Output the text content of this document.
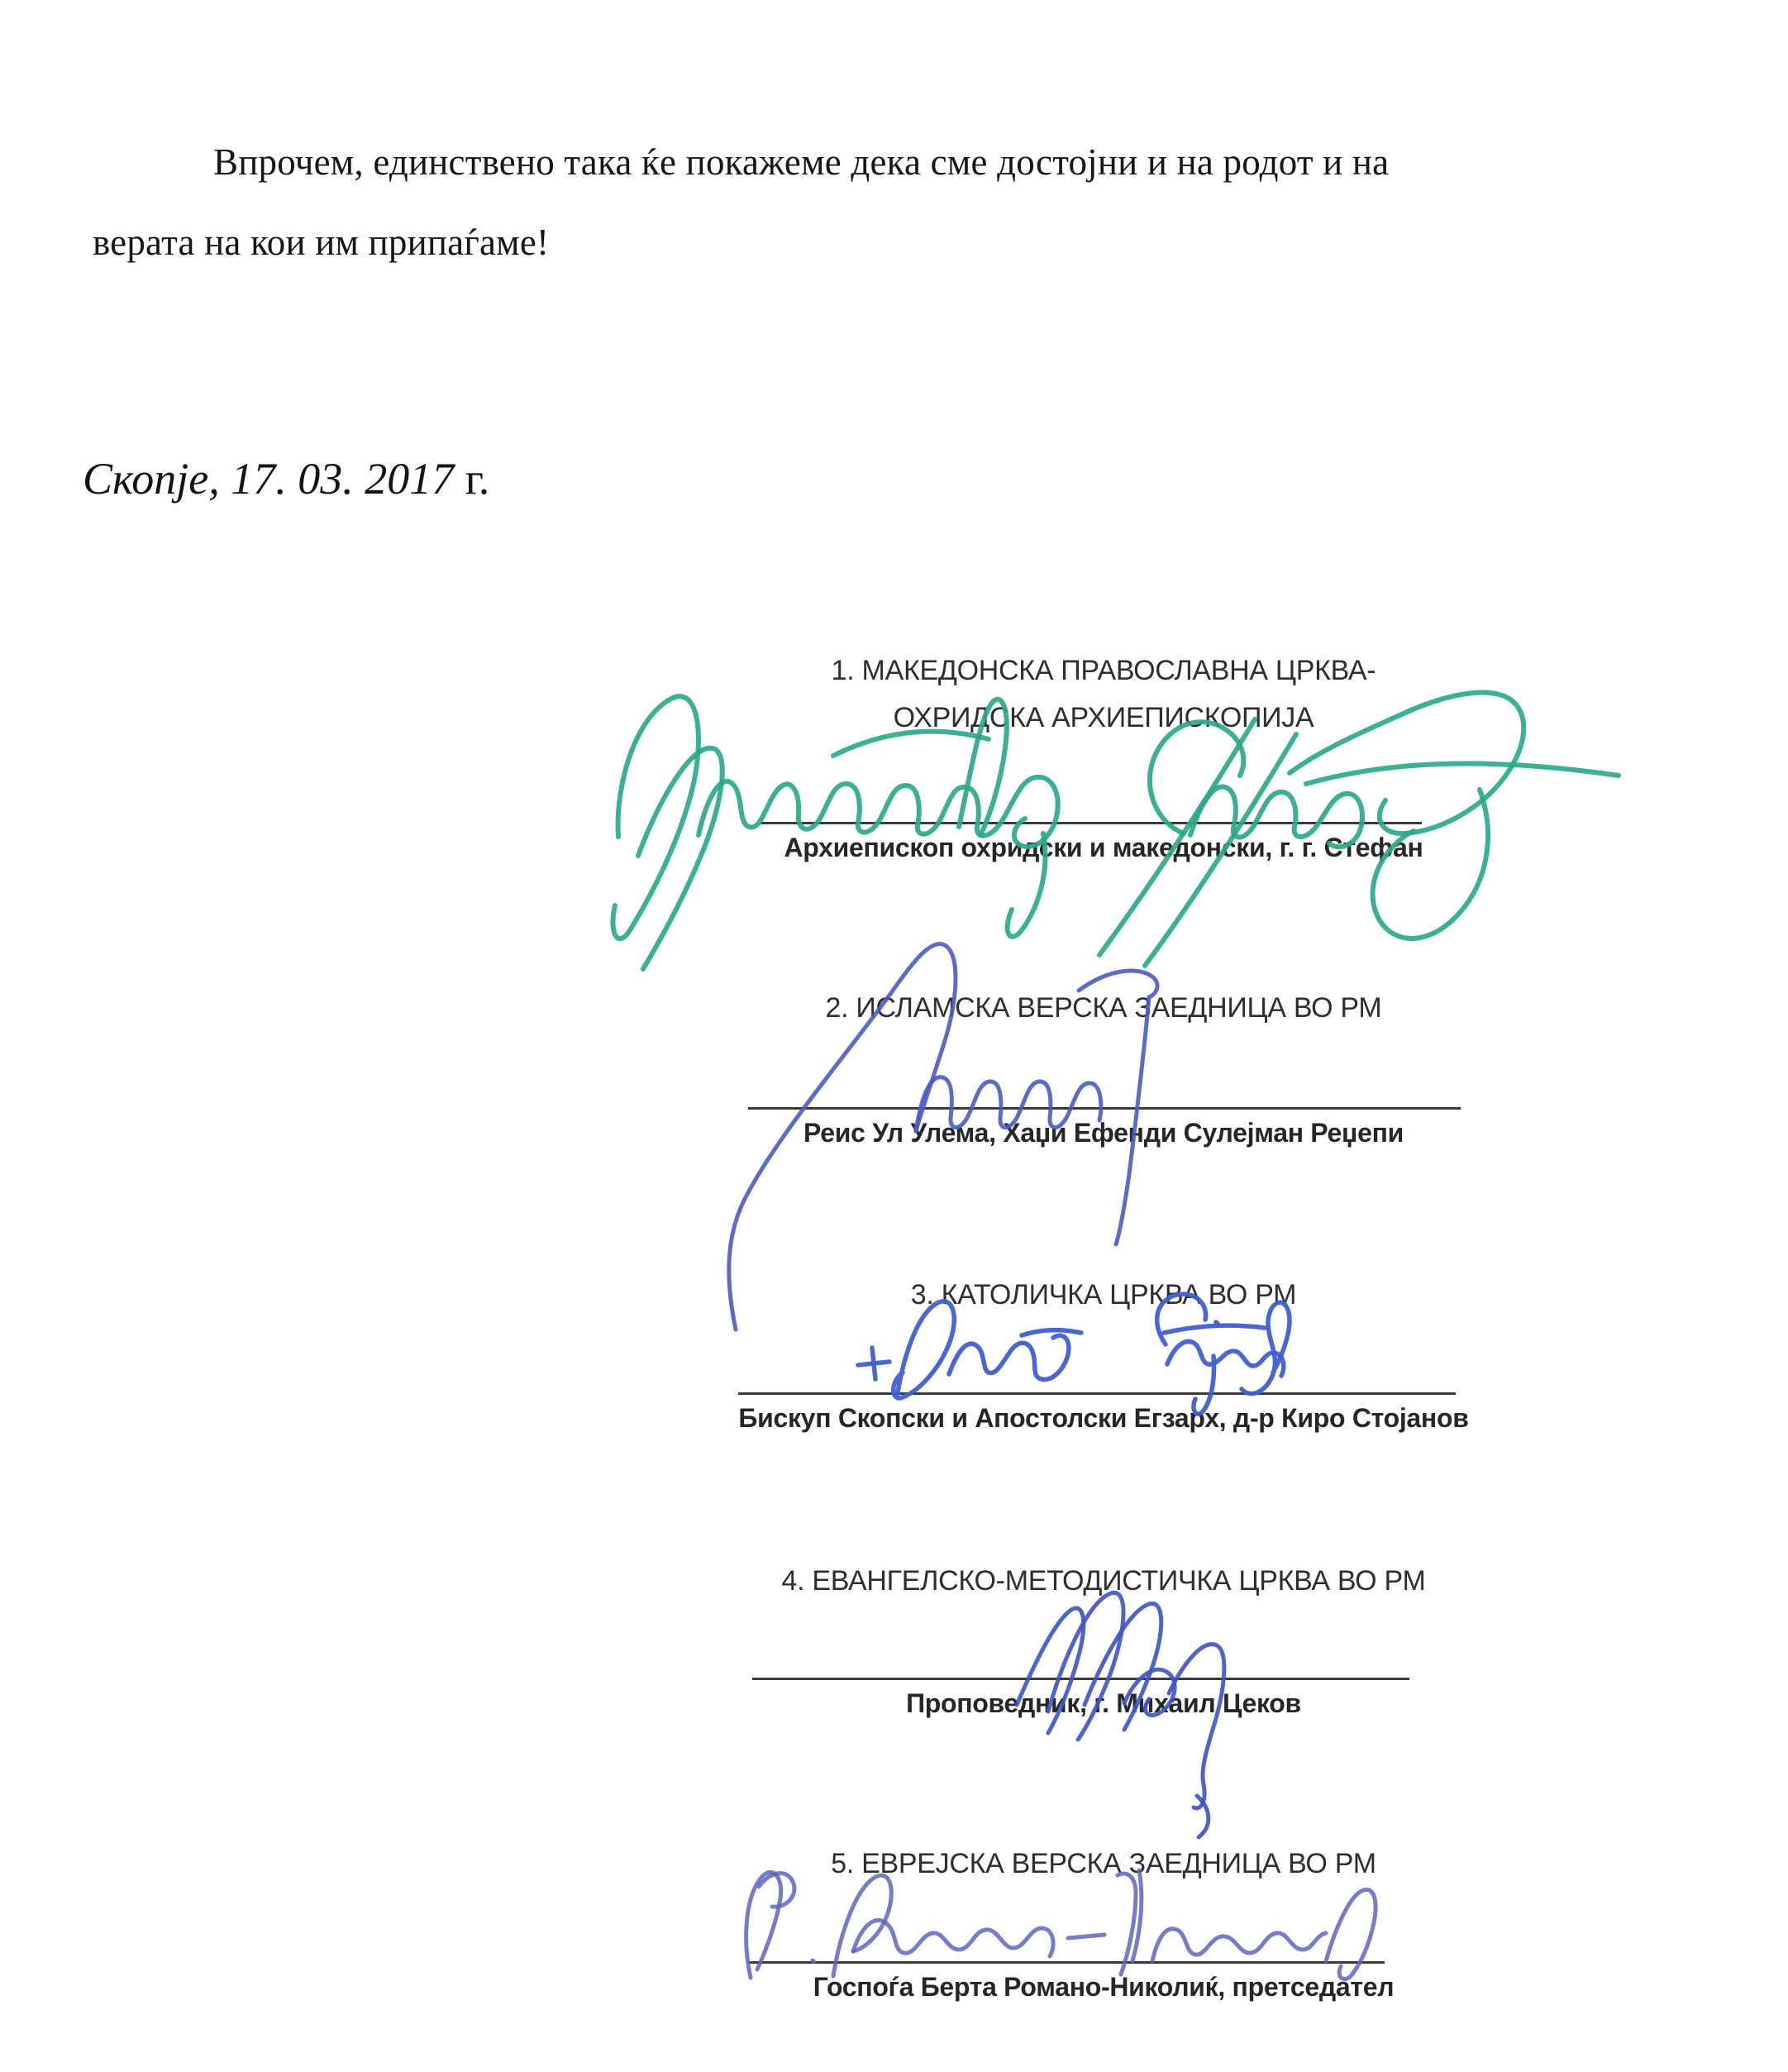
Впрочем, единствено така ќе покажеме дека сме достојни и на родот и на
верата на кои им припаѓаме!
Скопје, 17. 03. 2017 г.
1. МАКЕДОНСКА ПРАВОСЛАВНА ЦРКВА-
ОХРИДСКА АРХИЕПИСКОПИЈА
Архиепископ охридски и македонски, г. г. Стефан
2. ИСЛАМСКА ВЕРСКА ЗАЕДНИЦА ВО РМ
Реис Ул Улема, Хаџи Ефенди Сулејман Реџепи
3. КАТОЛИЧКА ЦРКВА ВО РМ
Бискуп Скопски и Апостолски Егзарх, д-р Киро Стојанов
4. ЕВАНГЕЛСКО-МЕТОДИСТИЧКА ЦРКВА ВО РМ
Проповедник, г. Михаил Цеков
5. ЕВРЕЈСКА ВЕРСКА ЗАЕДНИЦА ВО РМ
Госпоѓа Берта Романо-Николиќ, претседател
